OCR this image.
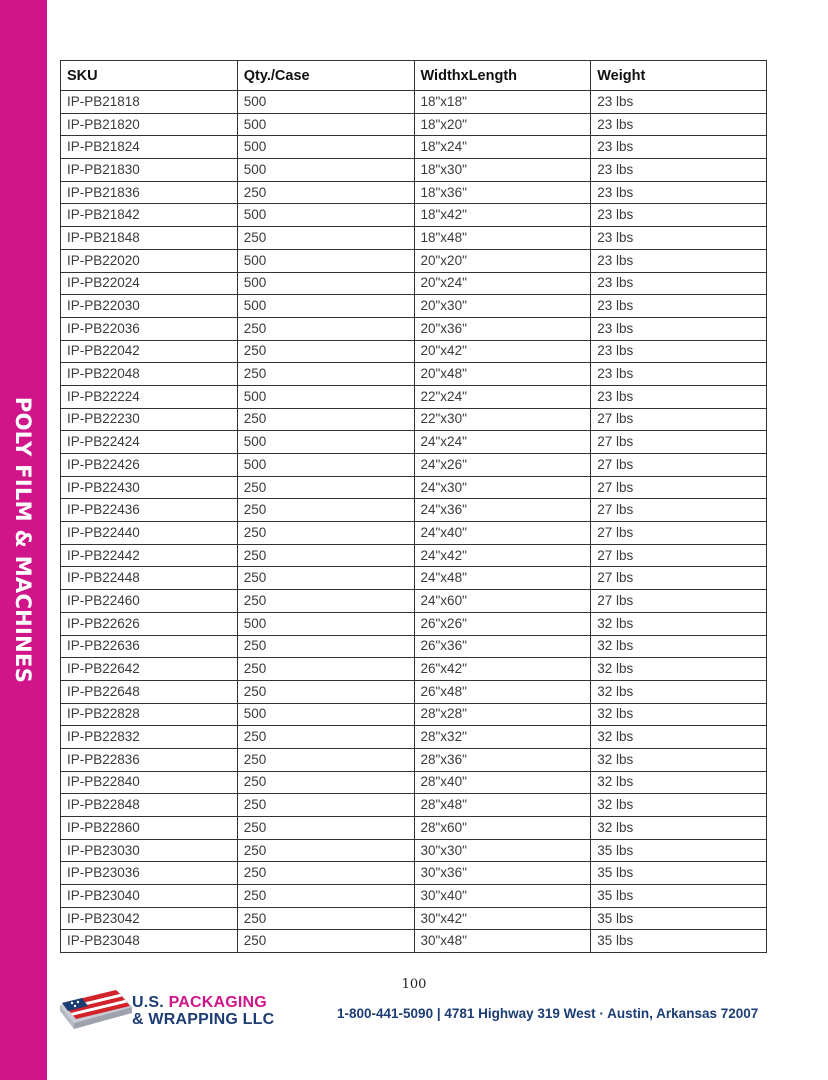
POLY FILM & MACHINES
SKU	Qty./Case	WidthxLength	Weight
IP-PB21818	500	18"x18"	23 lbs
IP-PB21820	500	18"x20"	23 lbs
IP-PB21824	500	18"x24"	23 lbs
IP-PB21830	500	18"x30"	23 lbs
IP-PB21836	250	18"x36"	23 lbs
IP-PB21842	500	18"x42"	23 lbs
IP-PB21848	250	18"x48"	23 lbs
IP-PB22020	500	20"x20"	23 lbs
IP-PB22024	500	20"x24"	23 lbs
IP-PB22030	500	20"x30"	23 lbs
IP-PB22036	250	20"x36"	23 lbs
IP-PB22042	250	20"x42"	23 lbs
IP-PB22048	250	20"x48"	23 lbs
IP-PB22224	500	22"x24"	23 lbs
IP-PB22230	250	22"x30"	27 lbs
IP-PB22424	500	24"x24"	27 lbs
IP-PB22426	500	24"x26"	27 lbs
IP-PB22430	250	24"x30"	27 lbs
IP-PB22436	250	24"x36"	27 lbs
IP-PB22440	250	24"x40"	27 lbs
IP-PB22442	250	24"x42"	27 lbs
IP-PB22448	250	24"x48"	27 lbs
IP-PB22460	250	24"x60"	27 lbs
IP-PB22626	500	26"x26"	32 lbs
IP-PB22636	250	26"x36"	32 lbs
IP-PB22642	250	26"x42"	32 lbs
IP-PB22648	250	26"x48"	32 lbs
IP-PB22828	500	28"x28"	32 lbs
IP-PB22832	250	28"x32"	32 lbs
IP-PB22836	250	28"x36"	32 lbs
IP-PB22840	250	28"x40"	32 lbs
IP-PB22848	250	28"x48"	32 lbs
IP-PB22860	250	28"x60"	32 lbs
IP-PB23030	250	30"x30"	35 lbs
IP-PB23036	250	30"x36"	35 lbs
IP-PB23040	250	30"x40"	35 lbs
IP-PB23042	250	30"x42"	35 lbs
IP-PB23048	250	30"x48"	35 lbs
100
U.S. PACKAGING
& WRAPPING LLC	1-800-441-5090 | 4781 Highway 319 West · Austin, Arkansas 72007
